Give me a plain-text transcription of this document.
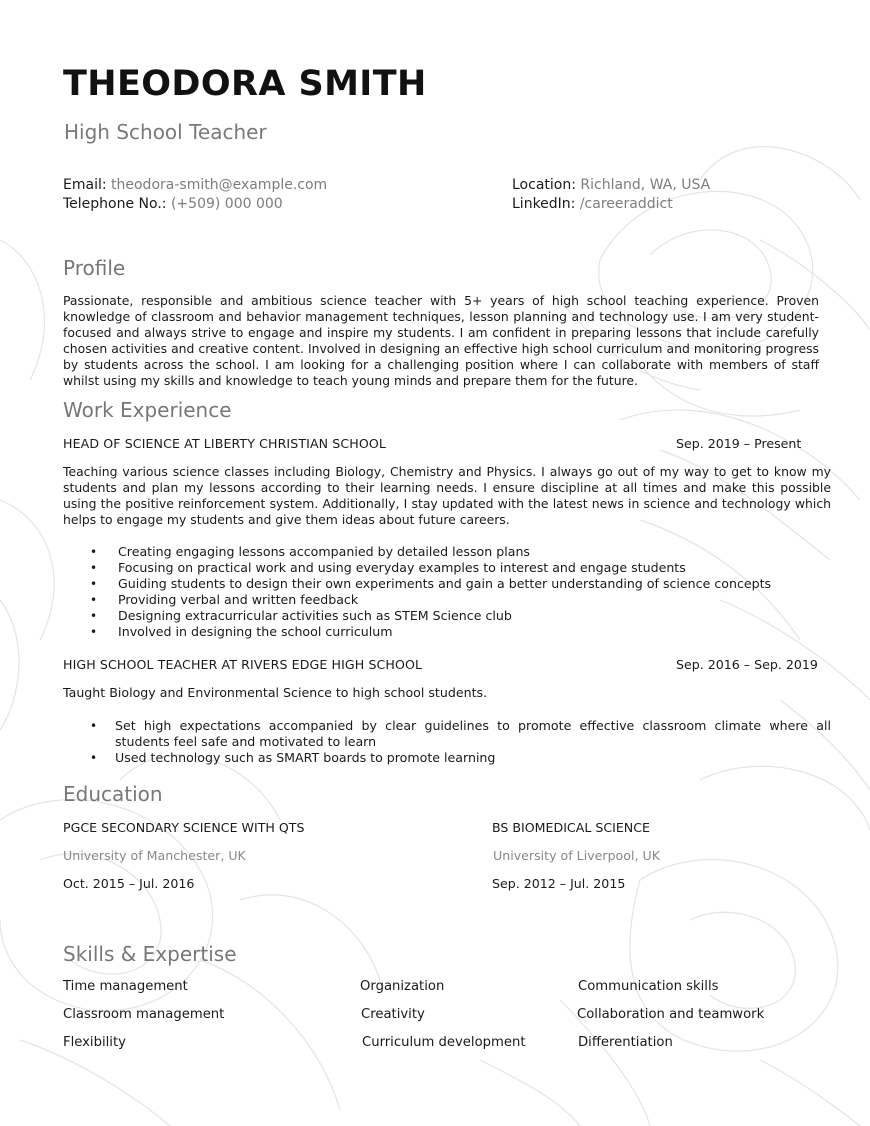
THEODORA SMITH
High School Teacher
Email: theodora-smith@example.com
Telephone No.: (+509) 000 000
Location: Richland, WA, USA
LinkedIn: /careeraddict
Profile
Passionate, responsible and ambitious science teacher with 5+ years of high school teaching experience. Proven knowledge of classroom and behavior management techniques, lesson planning and technology use. I am very student-focused and always strive to engage and inspire my students. I am confident in preparing lessons that include carefully chosen activities and creative content. Involved in designing an effective high school curriculum and monitoring progress by students across the school. I am looking for a challenging position where I can collaborate with members of staff whilst using my skills and knowledge to teach young minds and prepare them for the future.
Work Experience
HEAD OF SCIENCE AT LIBERTY CHRISTIAN SCHOOL	Sep. 2019 – Present
Teaching various science classes including Biology, Chemistry and Physics. I always go out of my way to get to know my students and plan my lessons according to their learning needs. I ensure discipline at all times and make this possible using the positive reinforcement system. Additionally, I stay updated with the latest news in science and technology which helps to engage my students and give them ideas about future careers.
• Creating engaging lessons accompanied by detailed lesson plans
• Focusing on practical work and using everyday examples to interest and engage students
• Guiding students to design their own experiments and gain a better understanding of science concepts
• Providing verbal and written feedback
• Designing extracurricular activities such as STEM Science club
• Involved in designing the school curriculum
HIGH SCHOOL TEACHER AT RIVERS EDGE HIGH SCHOOL	Sep. 2016 – Sep. 2019
Taught Biology and Environmental Science to high school students.
• Set high expectations accompanied by clear guidelines to promote effective classroom climate where all students feel safe and motivated to learn
• Used technology such as SMART boards to promote learning
Education
PGCE SECONDARY SCIENCE WITH QTS
University of Manchester, UK
Oct. 2015 – Jul. 2016
BS BIOMEDICAL SCIENCE
University of Liverpool, UK
Sep. 2012 – Jul. 2015
Skills & Expertise
Time management	Organization	Communication skills
Classroom management	Creativity	Collaboration and teamwork
Flexibility	Curriculum development	Differentiation
